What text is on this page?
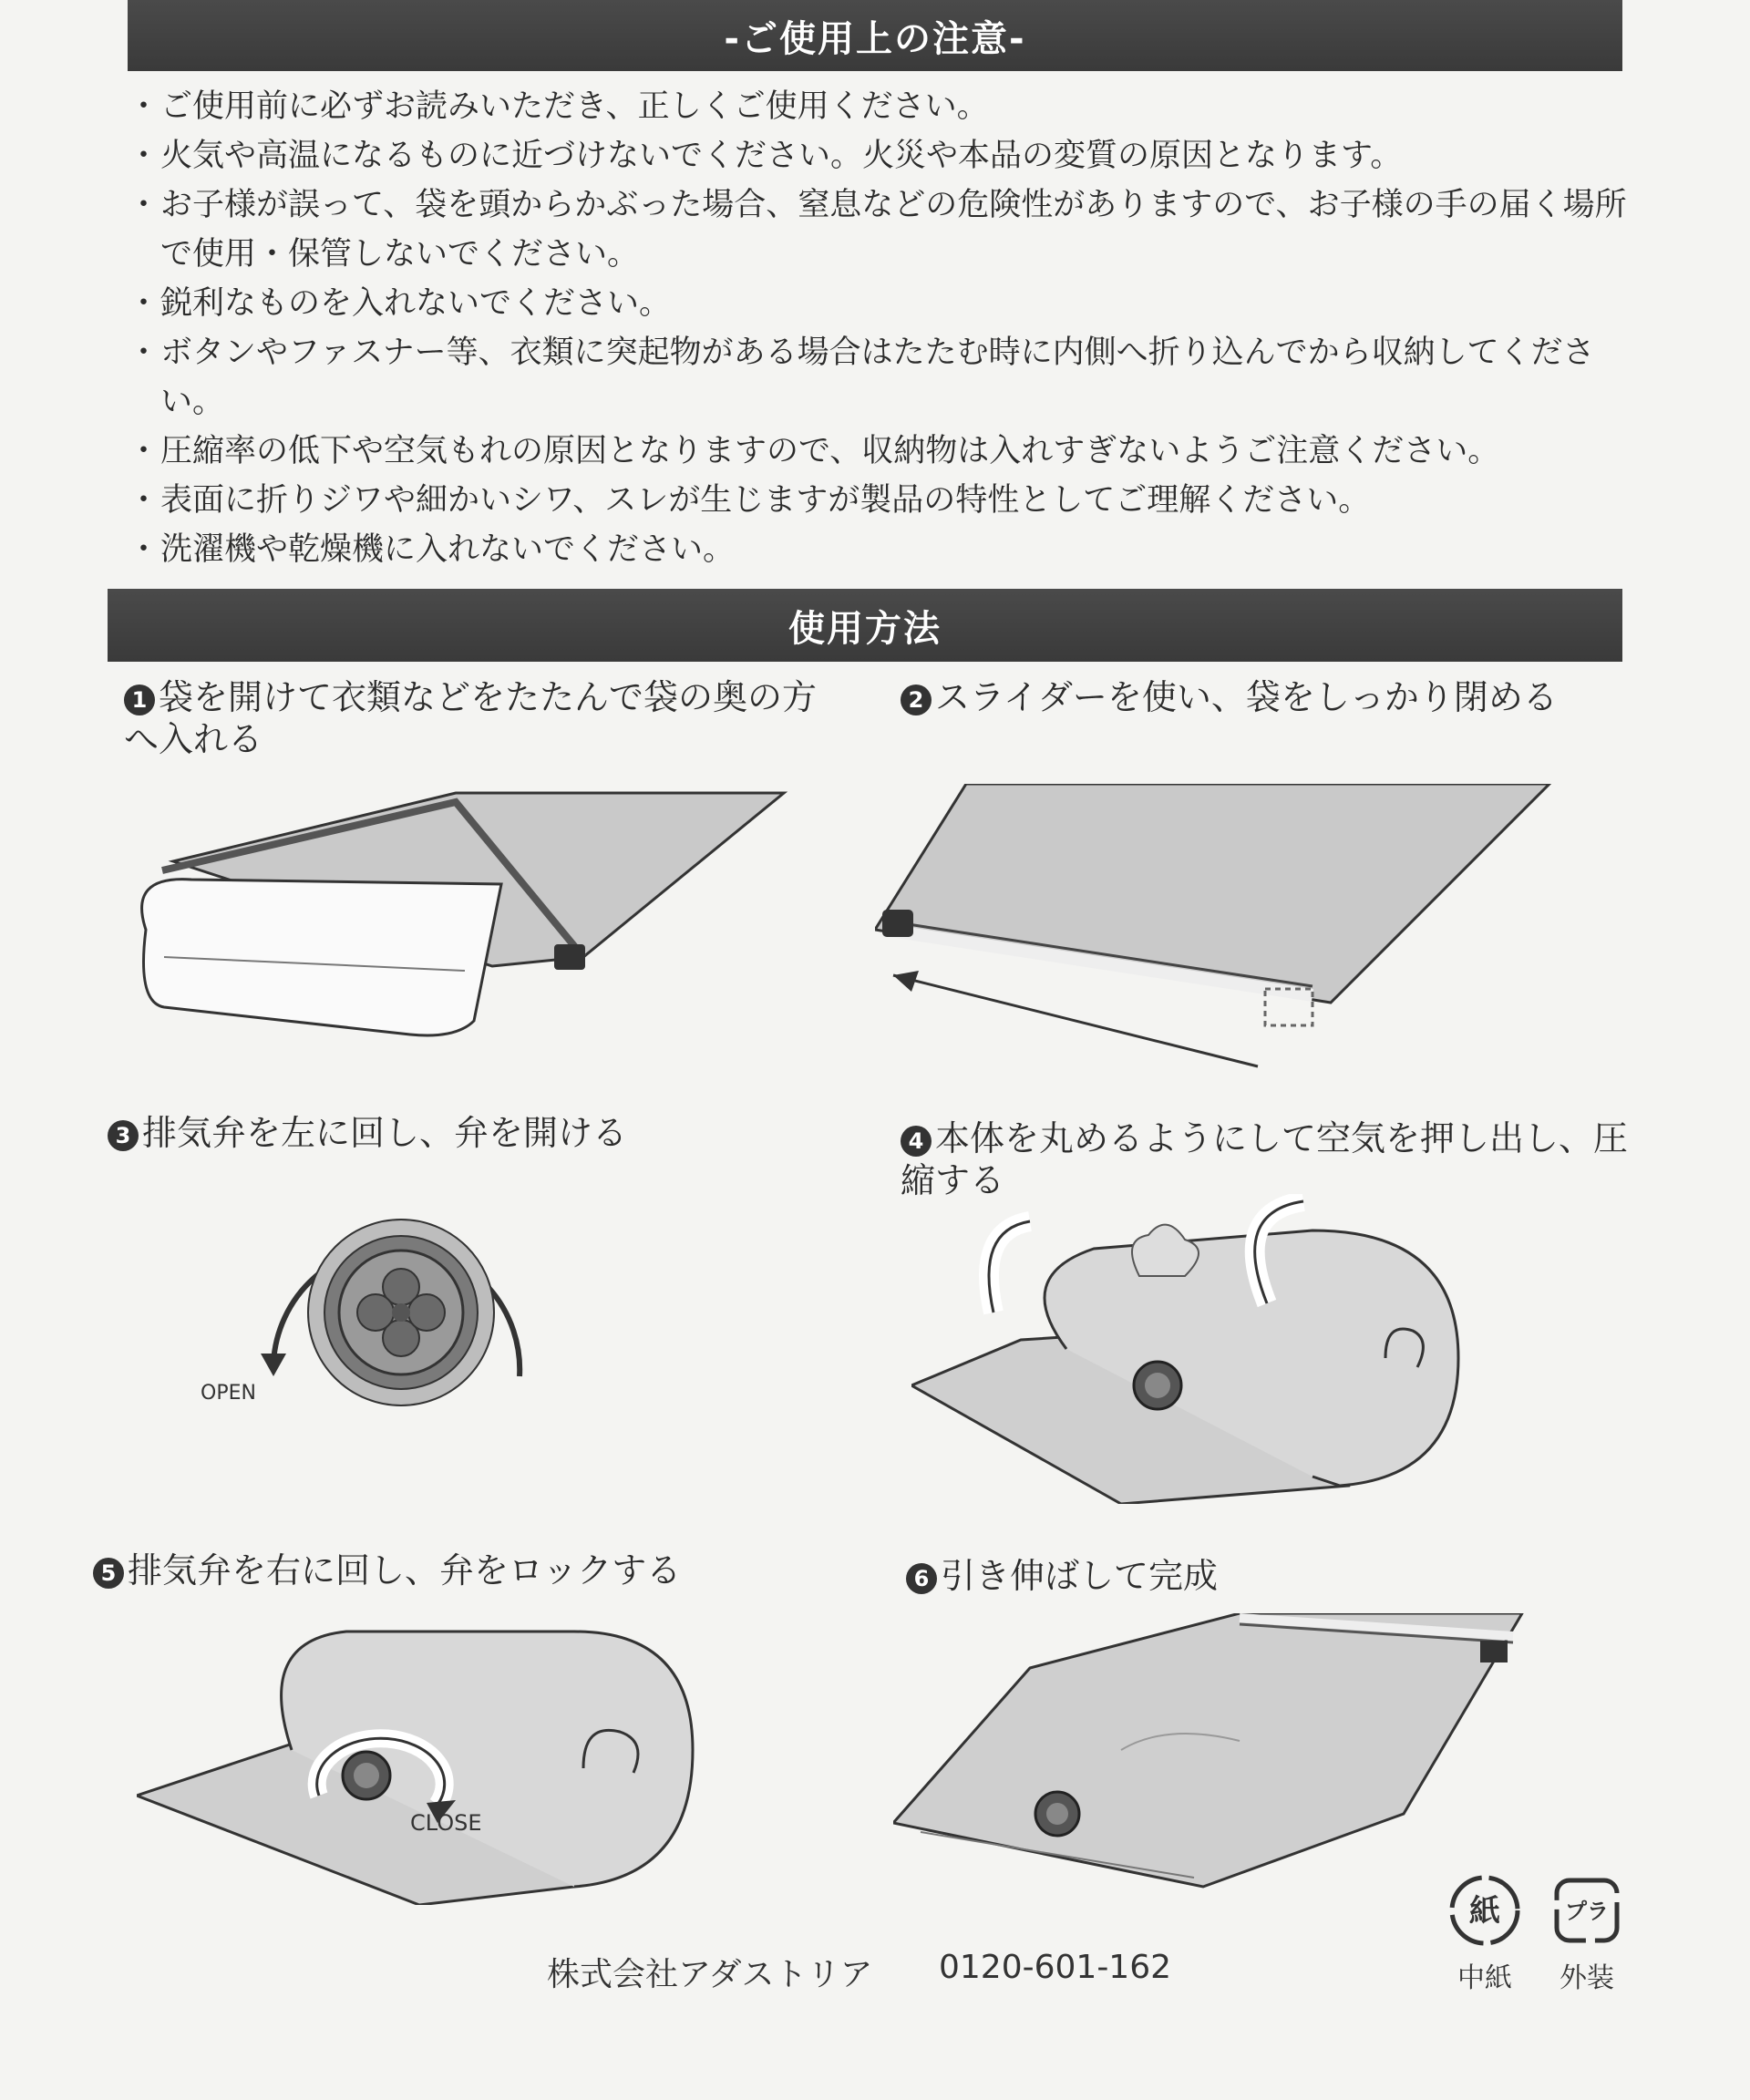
-ご使用上の注意-
・ ご使用前に必ずお読みいただき、正しくご使用ください。
・ 火気や高温になるものに近づけないでください。火災や本品の変質の原因となります。
・ お子様が誤って、袋を頭からかぶった場合、窒息などの危険性がありますので、お子様の手の届く場所で使用・保管しないでください。
・ 鋭利なものを入れないでください。
・ ボタンやファスナー等、衣類に突起物がある場合はたたむ時に内側へ折り込んでから収納してください。
・ 圧縮率の低下や空気もれの原因となりますので、収納物は入れすぎないようご注意ください。
・ 表面に折りジワや細かいシワ、スレが生じますが製品の特性としてご理解ください。
・ 洗濯機や乾燥機に入れないでください。
使用方法
1 袋を開けて衣類などをたたんで袋の奥の方へ入れる
2 スライダーを使い、袋をしっかり閉める
3 排気弁を左に回し、弁を開ける
OPEN
4 本体を丸めるようにして空気を押し出し、圧縮する
5 排気弁を右に回し、弁をロックする
CLOSE
6 引き伸ばして完成
株式会社アダストリア 0120-601-162
紙
中紙
プラ
外装
